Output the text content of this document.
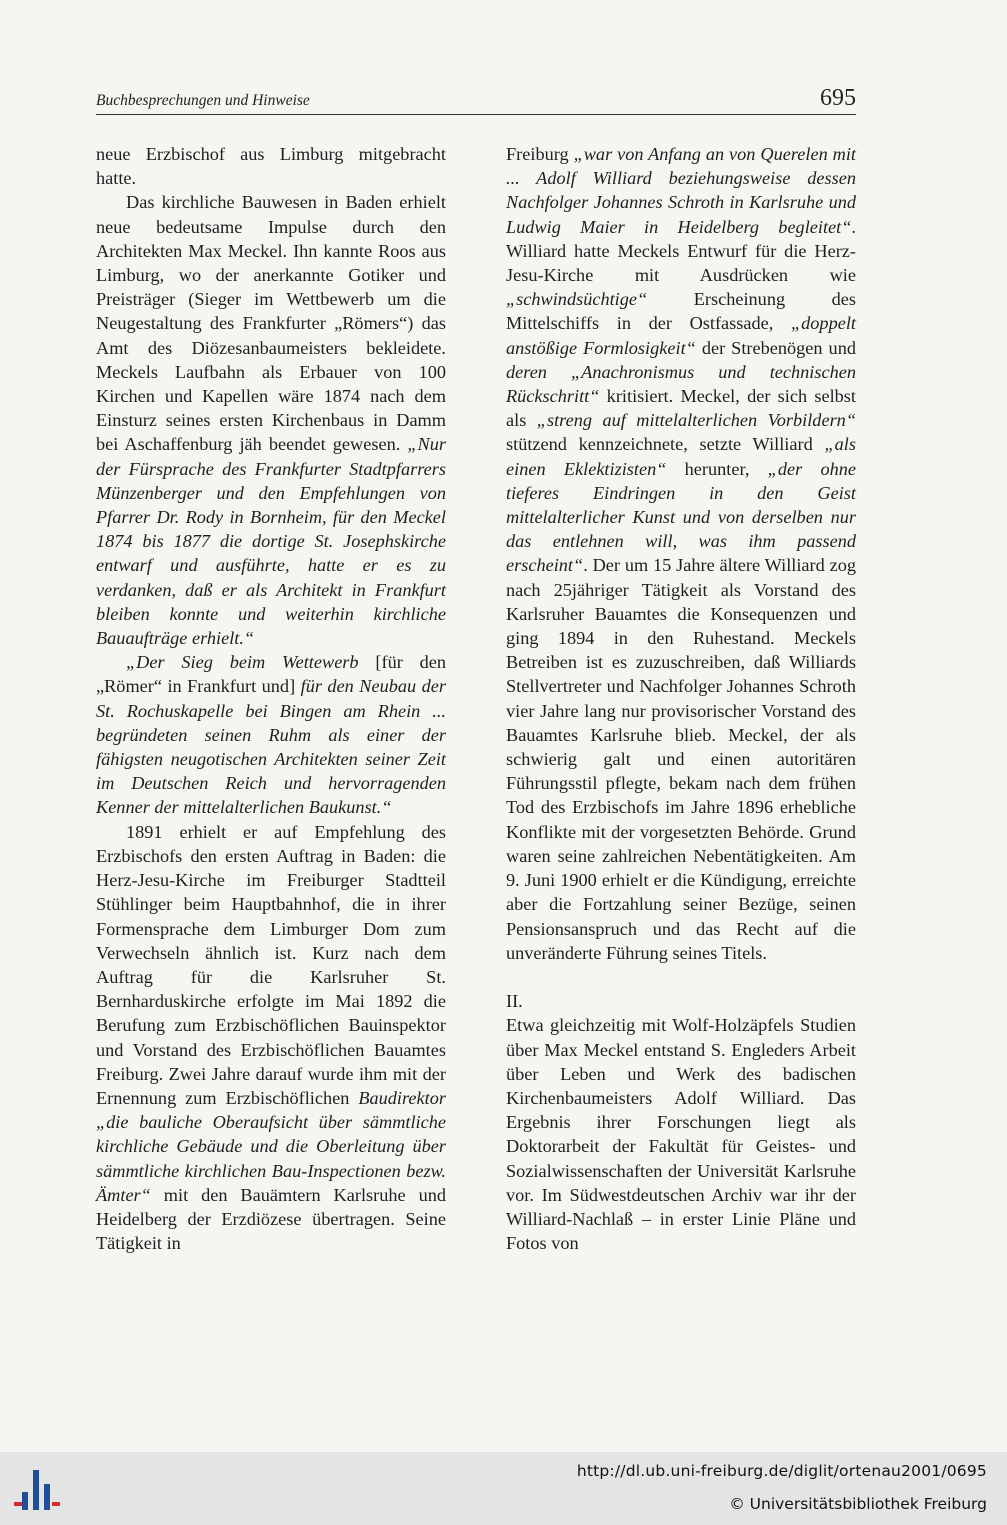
Buchbesprechungen und Hinweise	695

neue Erzbischof aus Limburg mitgebracht hatte.

Das kirchliche Bauwesen in Baden erhielt neue bedeutsame Impulse durch den Architekten Max Meckel. Ihn kannte Roos aus Limburg, wo der anerkannte Gotiker und Preisträger (Sieger im Wettbewerb um die Neugestaltung des Frankfurter „Römers“) das Amt des Diözesanbaumeisters bekleidete. Meckels Laufbahn als Erbauer von 100 Kirchen und Kapellen wäre 1874 nach dem Einsturz seines ersten Kirchenbaus in Damm bei Aschaffenburg jäh beendet gewesen. „Nur der Fürsprache des Frankfurter Stadtpfarrers Münzenberger und den Empfehlungen von Pfarrer Dr. Rody in Bornheim, für den Meckel 1874 bis 1877 die dortige St. Josephskirche entwarf und ausführte, hatte er es zu verdanken, daß er als Architekt in Frankfurt bleiben konnte und weiterhin kirchliche Bauaufträge erhielt.“

„Der Sieg beim Wettewerb [für den „Römer“ in Frankfurt und] für den Neubau der St. Rochuskapelle bei Bingen am Rhein ... begründeten seinen Ruhm als einer der fähigsten neugotischen Architekten seiner Zeit im Deutschen Reich und hervorragenden Kenner der mittelalterlichen Baukunst.“

1891 erhielt er auf Empfehlung des Erzbischofs den ersten Auftrag in Baden: die Herz-Jesu-Kirche im Freiburger Stadtteil Stühlinger beim Hauptbahnhof, die in ihrer Formensprache dem Limburger Dom zum Verwechseln ähnlich ist. Kurz nach dem Auftrag für die Karlsruher St. Bernharduskirche erfolgte im Mai 1892 die Berufung zum Erzbischöflichen Bauinspektor und Vorstand des Erzbischöflichen Bauamtes Freiburg. Zwei Jahre darauf wurde ihm mit der Ernennung zum Erzbischöflichen Baudirektor „die bauliche Oberaufsicht über sämmtliche kirchliche Gebäude und die Oberleitung über sämmtliche kirchlichen Bau-Inspectionen bezw. Ämter“ mit den Bauämtern Karlsruhe und Heidelberg der Erzdiözese übertragen. Seine Tätigkeit in

Freiburg „war von Anfang an von Querelen mit ... Adolf Williard beziehungsweise dessen Nachfolger Johannes Schroth in Karlsruhe und Ludwig Maier in Heidelberg begleitet“. Williard hatte Meckels Entwurf für die Herz-Jesu-Kirche mit Ausdrücken wie „schwindsüchtige“ Erscheinung des Mittelschiffs in der Ostfassade, „doppelt anstößige Formlosigkeit“ der Strebenögen und deren „Anachronismus und technischen Rückschritt“ kritisiert. Meckel, der sich selbst als „streng auf mittelalterlichen Vorbildern“ stützend kennzeichnete, setzte Williard „als einen Eklektizisten“ herunter, „der ohne tieferes Eindringen in den Geist mittelalterlicher Kunst und von derselben nur das entlehnen will, was ihm passend erscheint“. Der um 15 Jahre ältere Williard zog nach 25jähriger Tätigkeit als Vorstand des Karlsruher Bauamtes die Konsequenzen und ging 1894 in den Ruhestand. Meckels Betreiben ist es zuzuschreiben, daß Williards Stellvertreter und Nachfolger Johannes Schroth vier Jahre lang nur provisorischer Vorstand des Bauamtes Karlsruhe blieb. Meckel, der als schwierig galt und einen autoritären Führungsstil pflegte, bekam nach dem frühen Tod des Erzbischofs im Jahre 1896 erhebliche Konflikte mit der vorgesetzten Behörde. Grund waren seine zahlreichen Nebentätigkeiten. Am 9. Juni 1900 erhielt er die Kündigung, erreichte aber die Fortzahlung seiner Bezüge, seinen Pensionsanspruch und das Recht auf die unveränderte Führung seines Titels.

II.

Etwa gleichzeitig mit Wolf-Holzäpfels Studien über Max Meckel entstand S. Engleders Arbeit über Leben und Werk des badischen Kirchenbaumeisters Adolf Williard. Das Ergebnis ihrer Forschungen liegt als Doktorarbeit der Fakultät für Geistes- und Sozialwissenschaften der Universität Karlsruhe vor. Im Südwestdeutschen Archiv war ihr der Williard-Nachlaß – in erster Linie Pläne und Fotos von

http://dl.ub.uni-freiburg.de/diglit/ortenau2001/0695
© Universitätsbibliothek Freiburg
